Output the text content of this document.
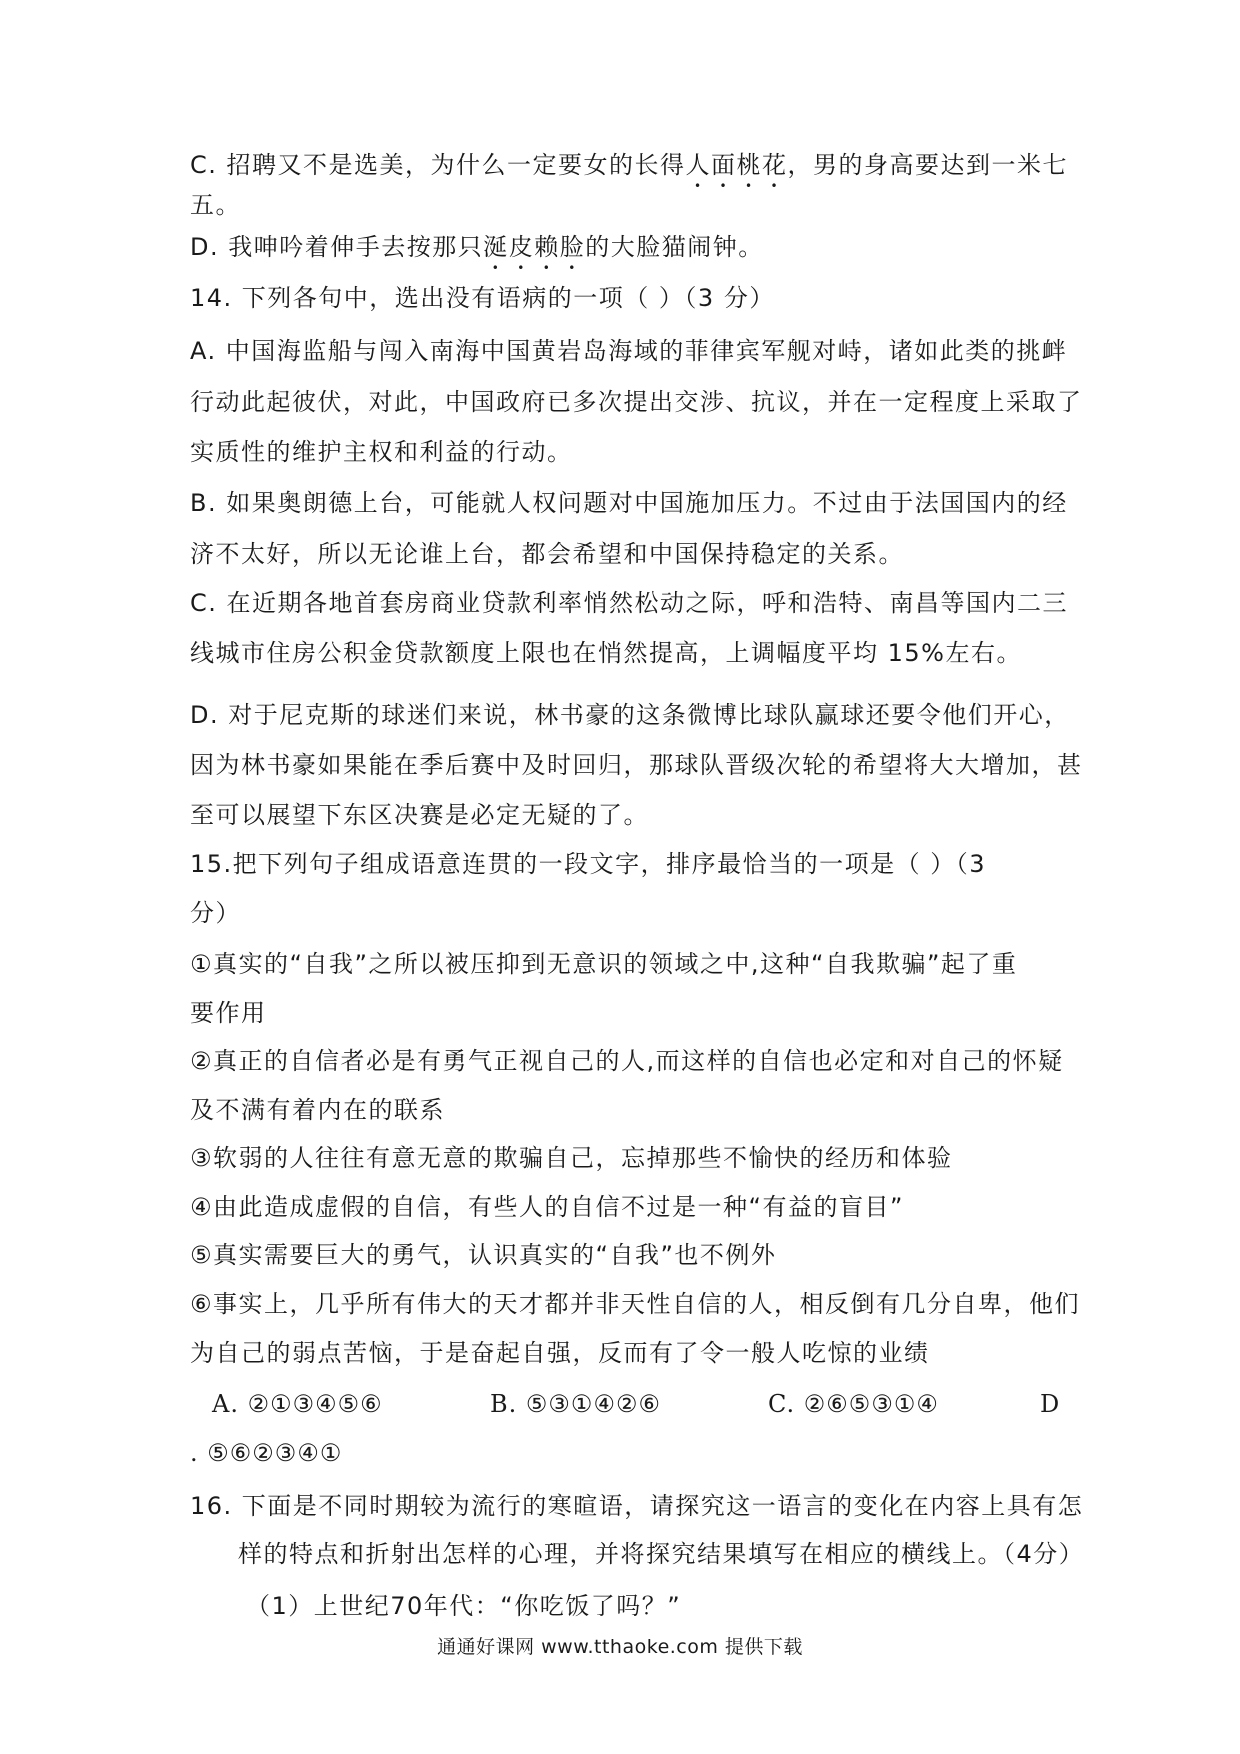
C. 招聘又不是选美，为什么一定要女的长得人面桃花，男的身高要达到一米七
五。
D. 我呻吟着伸手去按那只涎皮赖脸的大脸猫闹钟。
14. 下列各句中，选出没有语病的一项（ ）（3 分）
A. 中国海监船与闯入南海中国黄岩岛海域的菲律宾军舰对峙，诸如此类的挑衅
行动此起彼伏，对此，中国政府已多次提出交涉、抗议，并在一定程度上采取了
实质性的维护主权和利益的行动。
B. 如果奥朗德上台，可能就人权问题对中国施加压力。不过由于法国国内的经
济不太好，所以无论谁上台，都会希望和中国保持稳定的关系。
C. 在近期各地首套房商业贷款利率悄然松动之际，呼和浩特、南昌等国内二三
线城市住房公积金贷款额度上限也在悄然提高，上调幅度平均 15%左右。
D. 对于尼克斯的球迷们来说，林书豪的这条微博比球队赢球还要令他们开心，
因为林书豪如果能在季后赛中及时回归，那球队晋级次轮的希望将大大增加，甚
至可以展望下东区决赛是必定无疑的了。
15.把下列句子组成语意连贯的一段文字，排序最恰当的一项是（ ）（3
分）
①真实的“自我”之所以被压抑到无意识的领域之中,这种“自我欺骗”起了重
要作用
②真正的自信者必是有勇气正视自己的人,而这样的自信也必定和对自己的怀疑
及不满有着内在的联系
③软弱的人往往有意无意的欺骗自己，忘掉那些不愉快的经历和体验
④由此造成虚假的自信，有些人的自信不过是一种“有益的盲目”
⑤真实需要巨大的勇气，认识真实的“自我”也不例外
⑥事实上，几乎所有伟大的天才都并非天性自信的人，相反倒有几分自卑，他们
为自己的弱点苦恼，于是奋起自强，反而有了令一般人吃惊的业绩
A. ②①③④⑤⑥	B. ⑤③①④②⑥	C. ②⑥⑤③①④	D
. ⑤⑥②③④①
16. 下面是不同时期较为流行的寒暄语，请探究这一语言的变化在内容上具有怎
样的特点和折射出怎样的心理，并将探究结果填写在相应的横线上。（4分）
（1）上世纪70年代：“你吃饭了吗？”
通通好课网 www.tthaoke.com 提供下载
